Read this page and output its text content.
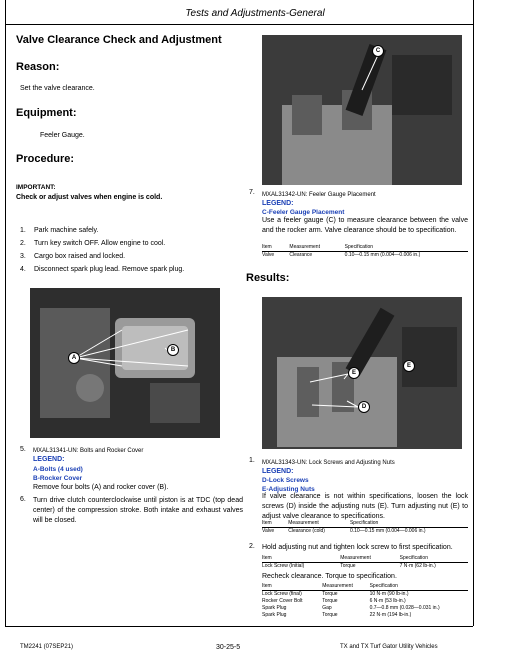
Tests and Adjustments-General
Valve Clearance Check and Adjustment
Reason:
Set the valve clearance.
Equipment:
Feeler Gauge.
Procedure:
IMPORTANT:
Check or adjust valves when engine is cold.
1. Park machine safely.
2. Turn key switch OFF. Allow engine to cool.
3. Cargo box raised and locked.
4. Disconnect spark plug lead. Remove spark plug.
A
B
5. MXAL31341-UN: Bolts and Rocker Cover
LEGEND:
A-Bolts (4 used)
B-Rocker Cover
Remove four bolts (A) and rocker cover (B).
6. Turn drive clutch counterclockwise until piston is at TDC (top dead center) of the compression stroke. Both intake and exhaust valves will be closed.
C
7. MXAL31342-UN: Feeler Gauge Placement
LEGEND:
C-Feeler Gauge Placement
Use a feeler gauge (C) to measure clearance between the valve and the rocker arm. Valve clearance should be to specification.
Item	Measurement	Specification
Valve	Clearance	0.10—0.15 mm (0.004—0.006 in.)
Results:
E
E
D
1. MXAL31343-UN: Lock Screws and Adjusting Nuts
LEGEND:
D-Lock Screws
E-Adjusting Nuts
If valve clearance is not within specifications, loosen the lock screws (D) inside the adjusting nuts (E). Turn adjusting nut (E) to adjust valve clearance to specifications.
Item	Measurement	Specification
Valve	Clearance (cold)	0.10—0.15 mm (0.004—0.006 in.)
2. Hold adjusting nut and tighten lock screw to first specification.
Item	Measurement	Specification
Lock Screw (Initial)	Torque	7 N·m (62 lb-in.)
Recheck clearance. Torque to specification.
Item	Measurement	Specification
Lock Screw (final)	Torque	10 N·m (90 lb-in.)
Rocker Cover Bolt	Torque	6 N·m (53 lb-in.)
Spark Plug	Gap	0.7—0.8 mm (0.028—0.031 in.)
Spark Plug	Torque	22 N·m (194 lb-in.)
TM2241 (07SEP21)	30-25-5	TX and TX Turf Gator Utility Vehicles
